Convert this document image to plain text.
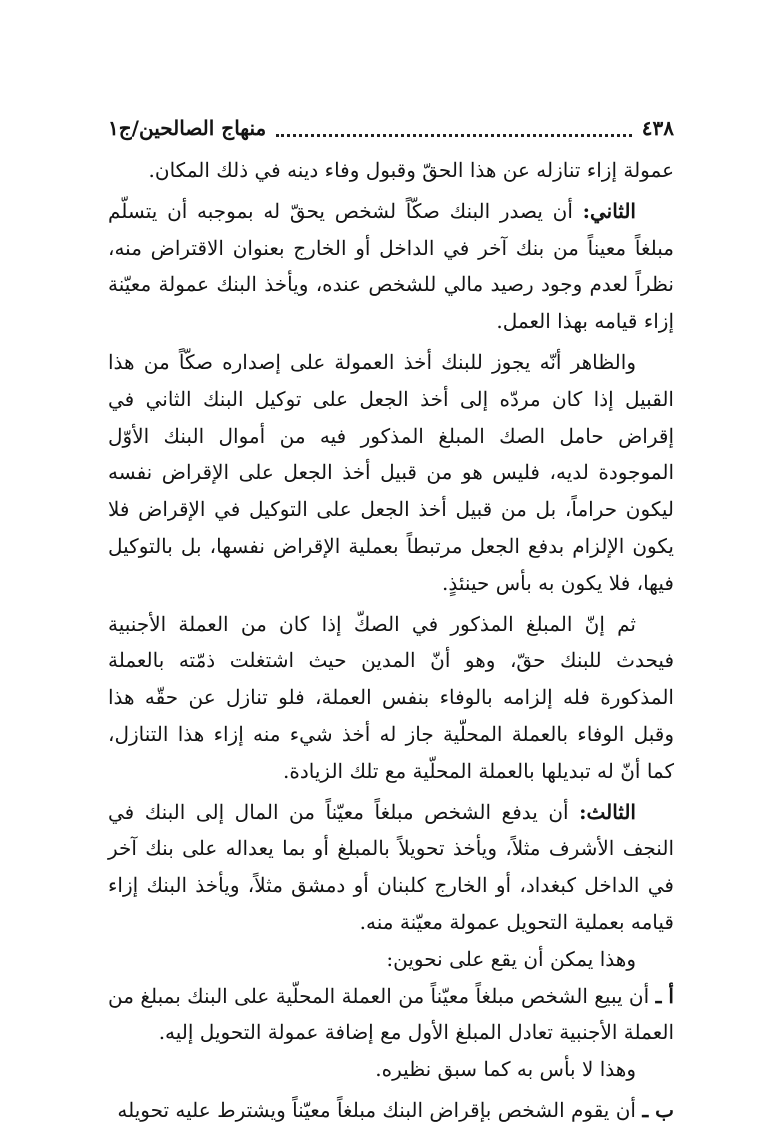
٤٣٨
منهاج الصالحين/ج١

عمولة إزاء تنازله عن هذا الحقّ وقبول وفاء دينه في ذلك المكان.

الثاني: أن يصدر البنك صكّاً لشخص يحقّ له بموجبه أن يتسلّم مبلغاً معيناً من بنك آخر في الداخل أو الخارج بعنوان الاقتراض منه، نظراً لعدم وجود رصيد مالي للشخص عنده، ويأخذ البنك عمولة معيّنة إزاء قيامه بهذا العمل.

والظاهر أنّه يجوز للبنك أخذ العمولة على إصداره صكّاً من هذا القبيل إذا كان مردّه إلى أخذ الجعل على توكيل البنك الثاني في إقراض حامل الصك المبلغ المذكور فيه من أموال البنك الأوّل الموجودة لديه، فليس هو من قبيل أخذ الجعل على الإقراض نفسه ليكون حراماً، بل من قبيل أخذ الجعل على التوكيل في الإقراض فلا يكون الإلزام بدفع الجعل مرتبطاً بعملية الإقراض نفسها، بل بالتوكيل فيها، فلا يكون به بأس حينئذٍ.

ثم إنّ المبلغ المذكور في الصكّ إذا كان من العملة الأجنبية فيحدث للبنك حقّ، وهو أنّ المدين حيث اشتغلت ذمّته بالعملة المذكورة فله إلزامه بالوفاء بنفس العملة، فلو تنازل عن حقّه هذا وقبل الوفاء بالعملة المحلّية جاز له أخذ شيء منه إزاء هذا التنازل، كما أنّ له تبديلها بالعملة المحلّية مع تلك الزيادة.

الثالث: أن يدفع الشخص مبلغاً معيّناً من المال إلى البنك في النجف الأشرف مثلاً، ويأخذ تحويلاً بالمبلغ أو بما يعداله على بنك آخر في الداخل كبغداد، أو الخارج كلبنان أو دمشق مثلاً، ويأخذ البنك إزاء قيامه بعملية التحويل عمولة معيّنة منه.

وهذا يمكن أن يقع على نحوين:

أ ـ أن يبيع الشخص مبلغاً معيّناً من العملة المحلّية على البنك بمبلغ من العملة الأجنبية تعادل المبلغ الأول مع إضافة عمولة التحويل إليه.

وهذا لا بأس به كما سبق نظيره.

ب ـ أن يقوم الشخص بإقراض البنك مبلغاً معيّناً ويشترط عليه تحويله
